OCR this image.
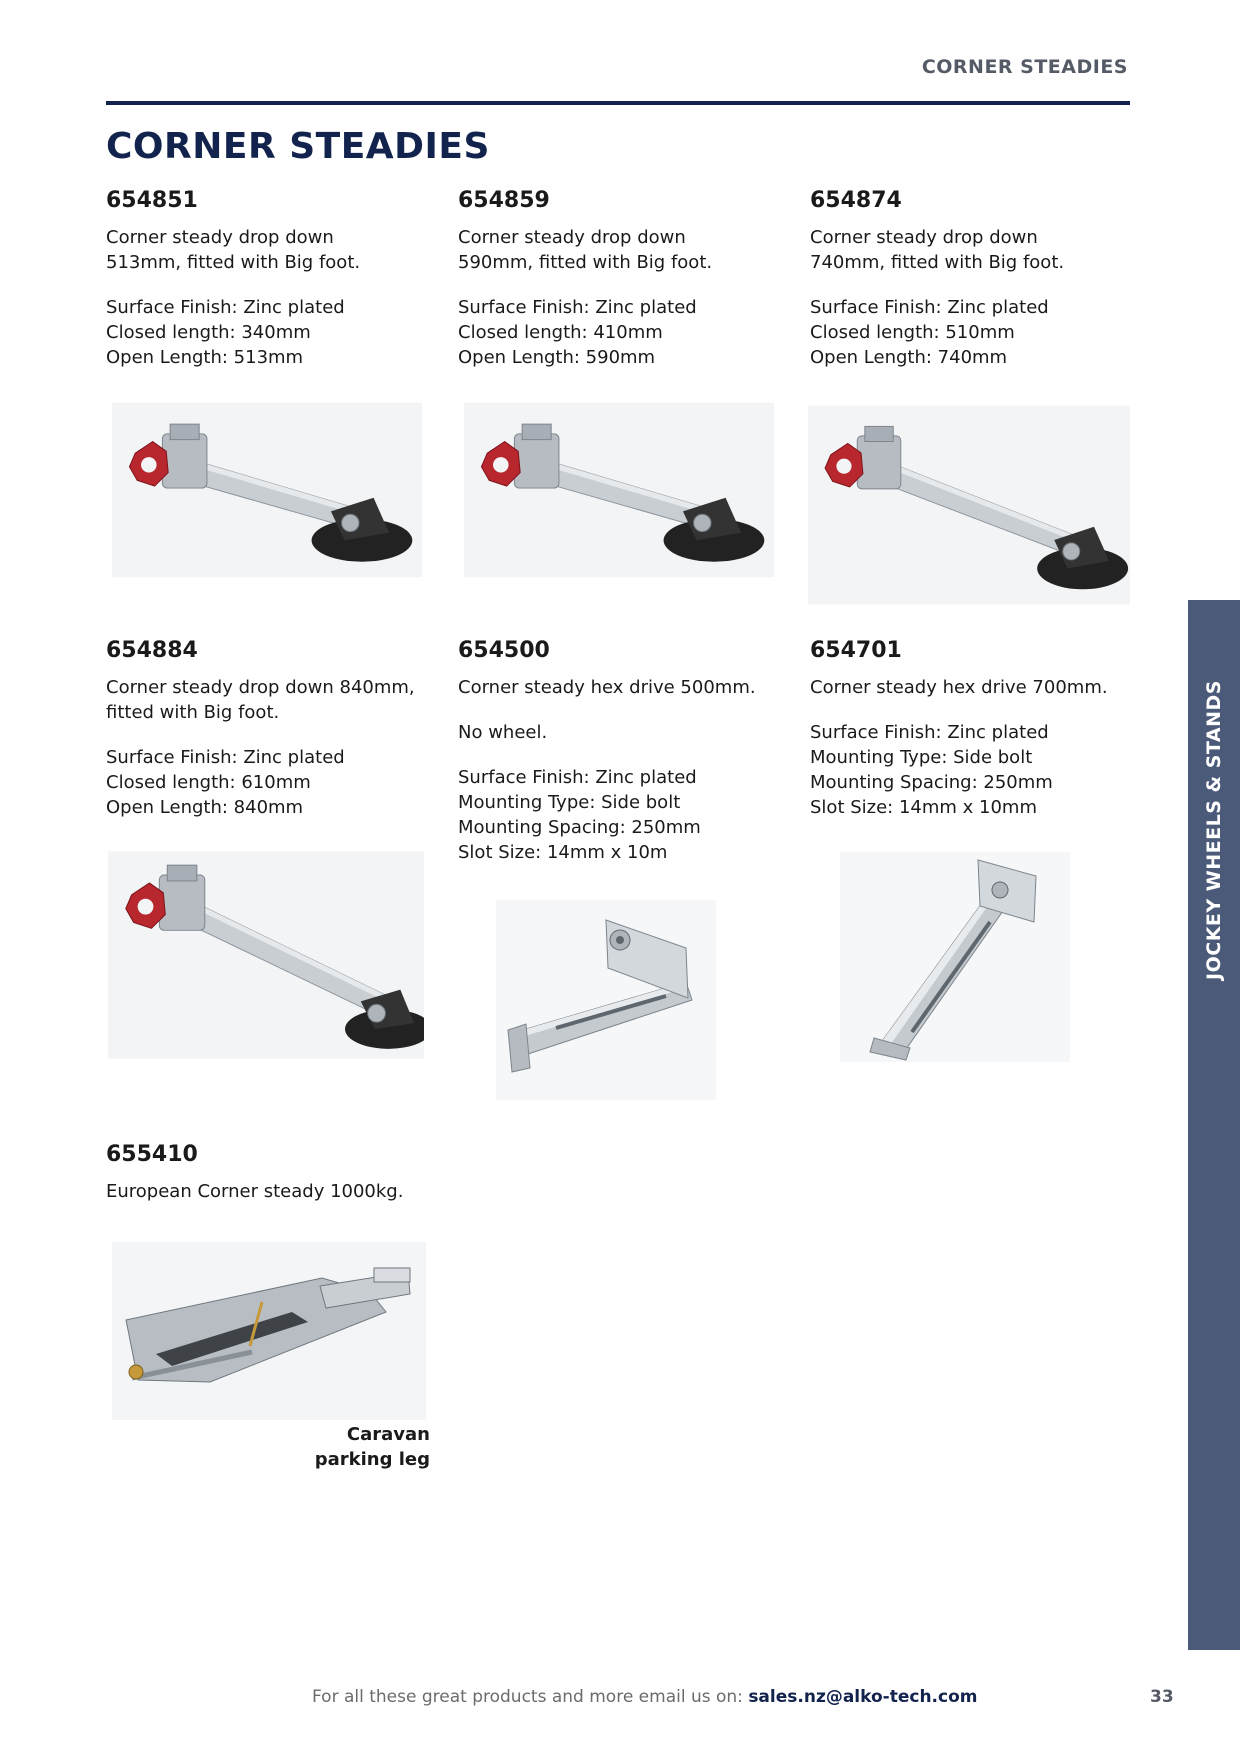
CORNER STEADIES
CORNER STEADIES
654851
Corner steady drop down
513mm, fitted with Big foot.
Surface Finish: Zinc plated
Closed length: 340mm
Open Length: 513mm
654859
Corner steady drop down
590mm, fitted with Big foot.
Surface Finish: Zinc plated
Closed length: 410mm
Open Length: 590mm
654874
Corner steady drop down
740mm, fitted with Big foot.
Surface Finish: Zinc plated
Closed length: 510mm
Open Length: 740mm
654884
Corner steady drop down 840mm,
fitted with Big foot.
Surface Finish: Zinc plated
Closed length: 610mm
Open Length: 840mm
654500
Corner steady hex drive 500mm.
No wheel.
Surface Finish: Zinc plated
Mounting Type: Side bolt
Mounting Spacing: 250mm
Slot Size: 14mm x 10m
654701
Corner steady hex drive 700mm.
Surface Finish: Zinc plated
Mounting Type: Side bolt
Mounting Spacing: 250mm
Slot Size: 14mm x 10mm
655410
European Corner steady 1000kg.
Caravan
parking leg
JOCKEY WHEELS & STANDS
For all these great products and more email us on: sales.nz@alko-tech.com	33
